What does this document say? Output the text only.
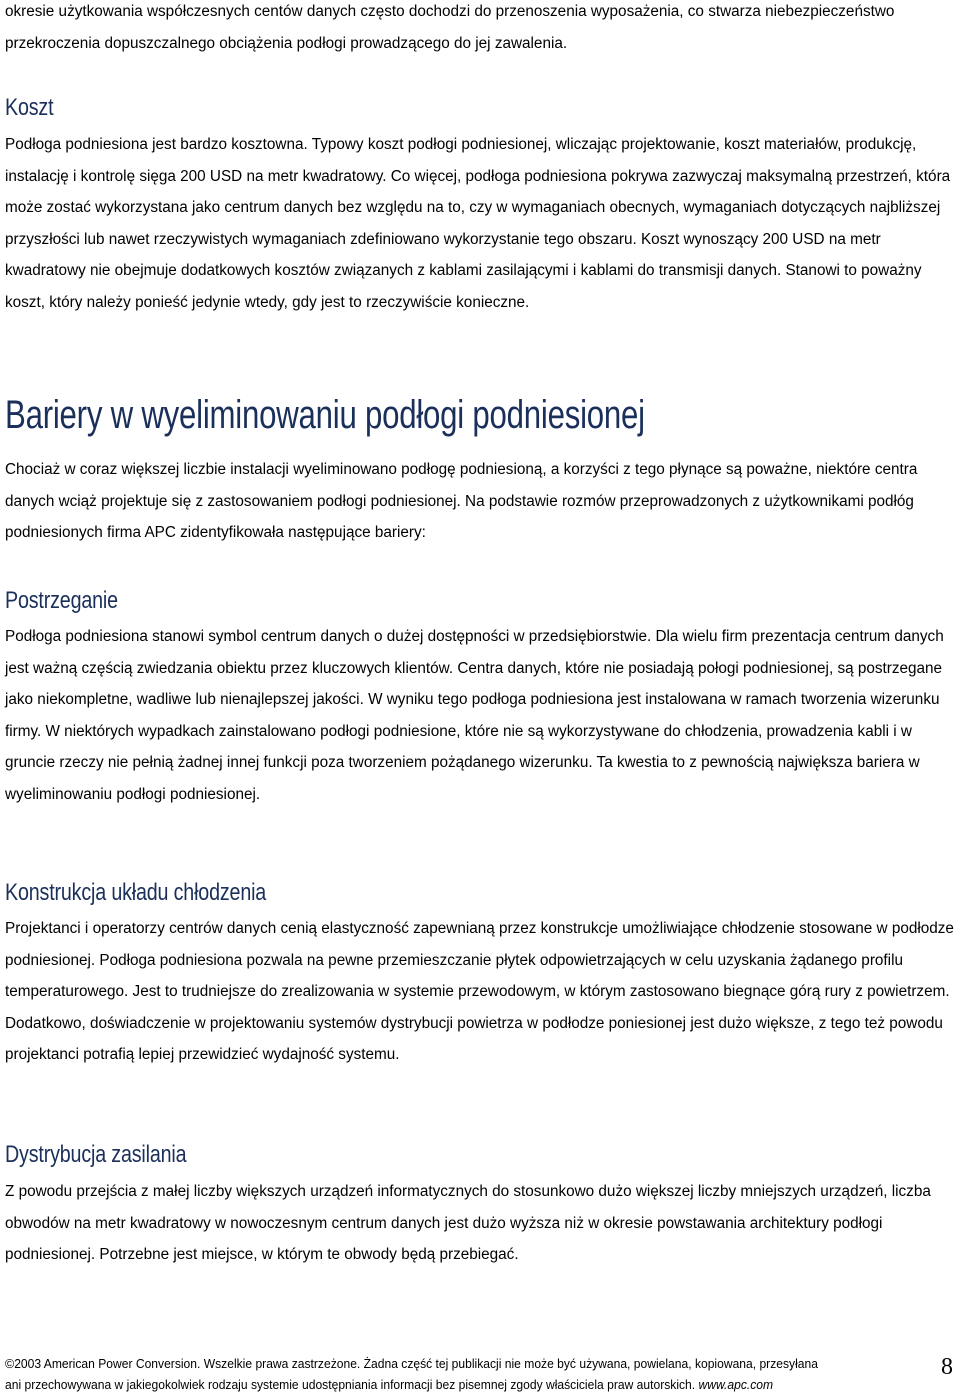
okresie użytkowania współczesnych centów danych często dochodzi do przenoszenia wyposażenia, co stwarza niebezpieczeństwo przekroczenia dopuszczalnego obciążenia podłogi prowadzącego do jej zawalenia.

Koszt

Podłoga podniesiona jest bardzo kosztowna. Typowy koszt podłogi podniesionej, wliczając projektowanie, koszt materiałów, produkcję, instalację i kontrolę sięga 200 USD na metr kwadratowy. Co więcej, podłoga podniesiona pokrywa zazwyczaj maksymalną przestrzeń, która może zostać wykorzystana jako centrum danych bez względu na to, czy w wymaganiach obecnych, wymaganiach dotyczących najbliższej przyszłości lub nawet rzeczywistych wymaganiach zdefiniowano wykorzystanie tego obszaru. Koszt wynoszący 200 USD na metr kwadratowy nie obejmuje dodatkowych kosztów związanych z kablami zasilającymi i kablami do transmisji danych. Stanowi to poważny koszt, który należy ponieść jedynie wtedy, gdy jest to rzeczywiście konieczne.

Bariery w wyeliminowaniu podłogi podniesionej

Chociaż w coraz większej liczbie instalacji wyeliminowano podłogę podniesioną, a korzyści z tego płynące są poważne, niektóre centra danych wciąż projektuje się z zastosowaniem podłogi podniesionej. Na podstawie rozmów przeprowadzonych z użytkownikami podłóg podniesionych firma APC zidentyfikowała następujące bariery:

Postrzeganie

Podłoga podniesiona stanowi symbol centrum danych o dużej dostępności w przedsiębiorstwie. Dla wielu firm prezentacja centrum danych jest ważną częścią zwiedzania obiektu przez kluczowych klientów. Centra danych, które nie posiadają połogi podniesionej, są postrzegane jako niekompletne, wadliwe lub nienajlepszej jakości. W wyniku tego podłoga podniesiona jest instalowana w ramach tworzenia wizerunku firmy. W niektórych wypadkach zainstalowano podłogi podniesione, które nie są wykorzystywane do chłodzenia, prowadzenia kabli i w gruncie rzeczy nie pełnią żadnej innej funkcji poza tworzeniem pożądanego wizerunku. Ta kwestia to z pewnością największa bariera w wyeliminowaniu podłogi podniesionej.

Konstrukcja układu chłodzenia

Projektanci i operatorzy centrów danych cenią elastyczność zapewnianą przez konstrukcje umożliwiające chłodzenie stosowane w podłodze podniesionej. Podłoga podniesiona pozwala na pewne przemieszczanie płytek odpowietrzających w celu uzyskania żądanego profilu temperaturowego. Jest to trudniejsze do zrealizowania w systemie przewodowym, w którym zastosowano biegnące górą rury z powietrzem. Dodatkowo, doświadczenie w projektowaniu systemów dystrybucji powietrza w podłodze poniesionej jest dużo większe, z tego też powodu projektanci potrafią lepiej przewidzieć wydajność systemu.

Dystrybucja zasilania

Z powodu przejścia z małej liczby większych urządzeń informatycznych do stosunkowo dużo większej liczby mniejszych urządzeń, liczba obwodów na metr kwadratowy w nowoczesnym centrum danych jest dużo wyższa niż w okresie powstawania architektury podłogi podniesionej. Potrzebne jest miejsce, w którym te obwody będą przebiegać.

©2003 American Power Conversion. Wszelkie prawa zastrzeżone. Żadna część tej publikacji nie może być używana, powielana, kopiowana, przesyłana
ani przechowywana w jakiegokolwiek rodzaju systemie udostępniania informacji bez pisemnej zgody właściciela praw autorskich. www.apc.com
8
